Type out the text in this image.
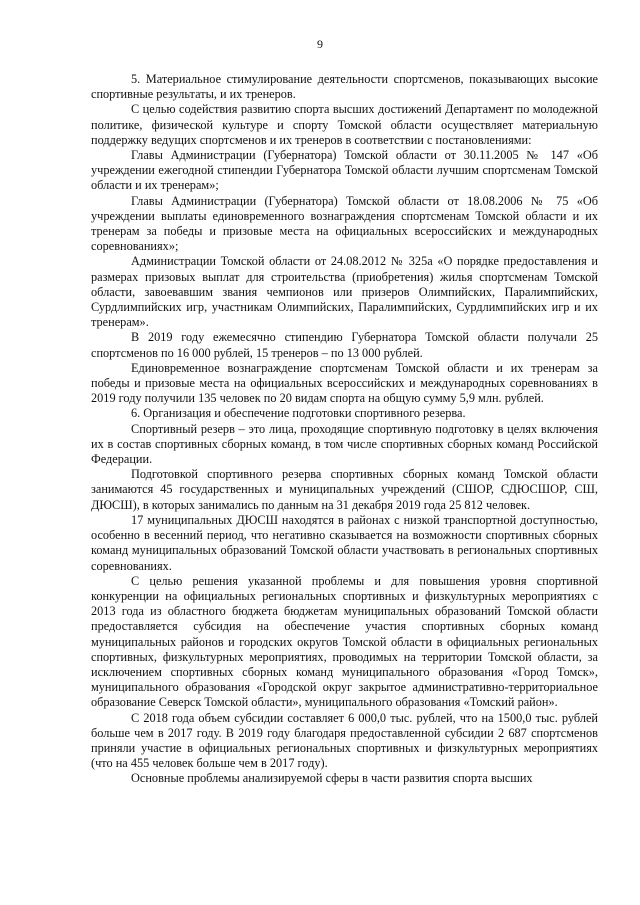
9

5. Материальное стимулирование деятельности спортсменов, показывающих высокие спортивные результаты, и их тренеров.

С целью содействия развитию спорта высших достижений Департамент по молодежной политике, физической культуре и спорту Томской области осуществляет материальную поддержку ведущих спортсменов и их тренеров в соответствии с постановлениями:

Главы Администрации (Губернатора) Томской области от 30.11.2005 № 147 «Об учреждении ежегодной стипендии Губернатора Томской области лучшим спортсменам Томской области и их тренерам»;

Главы Администрации (Губернатора) Томской области от 18.08.2006 № 75 «Об учреждении выплаты единовременного вознаграждения спортсменам Томской области и их тренерам за победы и призовые места на официальных всероссийских и международных соревнованиях»;

Администрации Томской области от 24.08.2012 № 325а «О порядке предоставления и размерах призовых выплат для строительства (приобретения) жилья спортсменам Томской области, завоевавшим звания чемпионов или призеров Олимпийских, Паралимпийских, Сурдлимпийских игр, участникам Олимпийских, Паралимпийских, Сурдлимпийских игр и их тренерам».

В 2019 году ежемесячно стипендию Губернатора Томской области получали 25 спортсменов по 16 000 рублей, 15 тренеров – по 13 000 рублей.

Единовременное вознаграждение спортсменам Томской области и их тренерам за победы и призовые места на официальных всероссийских и международных соревнованиях в 2019 году получили 135 человек по 20 видам спорта на общую сумму 5,9 млн. рублей.

6. Организация и обеспечение подготовки спортивного резерва.

Спортивный резерв – это лица, проходящие спортивную подготовку в целях включения их в состав спортивных сборных команд, в том числе спортивных сборных команд Российской Федерации.

Подготовкой спортивного резерва спортивных сборных команд Томской области занимаются 45 государственных и муниципальных учреждений (СШОР, СДЮСШОР, СШ, ДЮСШ), в которых занимались по данным на 31 декабря 2019 года 25 812 человек.

17 муниципальных ДЮСШ находятся в районах с низкой транспортной доступностью, особенно в весенний период, что негативно сказывается на возможности спортивных сборных команд муниципальных образований Томской области участвовать в региональных спортивных соревнованиях.

С целью решения указанной проблемы и для повышения уровня спортивной конкуренции на официальных региональных спортивных и физкультурных мероприятиях с 2013 года из областного бюджета бюджетам муниципальных образований Томской области предоставляется субсидия на обеспечение участия спортивных сборных команд муниципальных районов и городских округов Томской области в официальных региональных спортивных, физкультурных мероприятиях, проводимых на территории Томской области, за исключением спортивных сборных команд муниципального образования «Город Томск», муниципального образования «Городской округ закрытое административно-территориальное образование Северск Томской области», муниципального образования «Томский район».

С 2018 года объем субсидии составляет 6 000,0 тыс. рублей, что на 1500,0 тыс. рублей больше чем в 2017 году. В 2019 году благодаря предоставленной субсидии 2 687 спортсменов приняли участие в официальных региональных спортивных и физкультурных мероприятиях (что на 455 человек больше чем в 2017 году).

Основные проблемы анализируемой сферы в части развития спорта высших
